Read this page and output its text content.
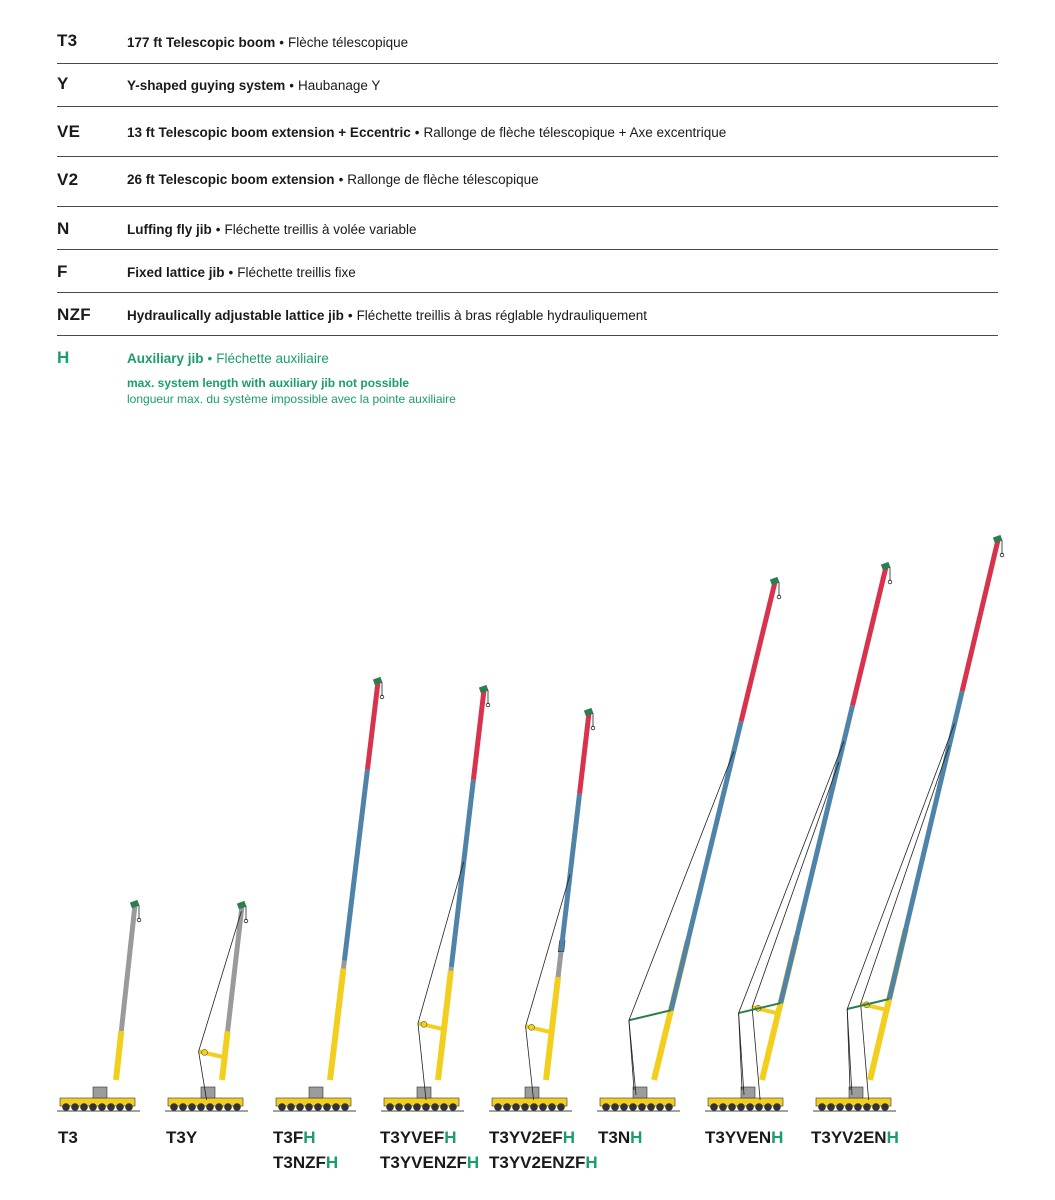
T3	177 ft Telescopic boom • Flèche télescopique
Y	Y-shaped guying system • Haubanage Y
VE	13 ft Telescopic boom extension + Eccentric • Rallonge de flèche télescopique + Axe excentrique
V2	26 ft Telescopic boom extension • Rallonge de flèche télescopique
N	Luffing fly jib • Fléchette treillis à volée variable
F	Fixed lattice jib • Fléchette treillis fixe
NZF	Hydraulically adjustable lattice jib • Fléchette treillis à bras réglable hydrauliquement
H	Auxiliary jib • Fléchette auxiliaire
max. system length with auxiliary jib not possible
longueur max. du système impossible avec la pointe auxiliaire
T3	T3Y	T3FH
T3NZFH
T3YVEFH
T3YVENZFH
T3YV2EFH
T3YV2ENZFH
T3NH	T3YVENH T3YV2ENH
